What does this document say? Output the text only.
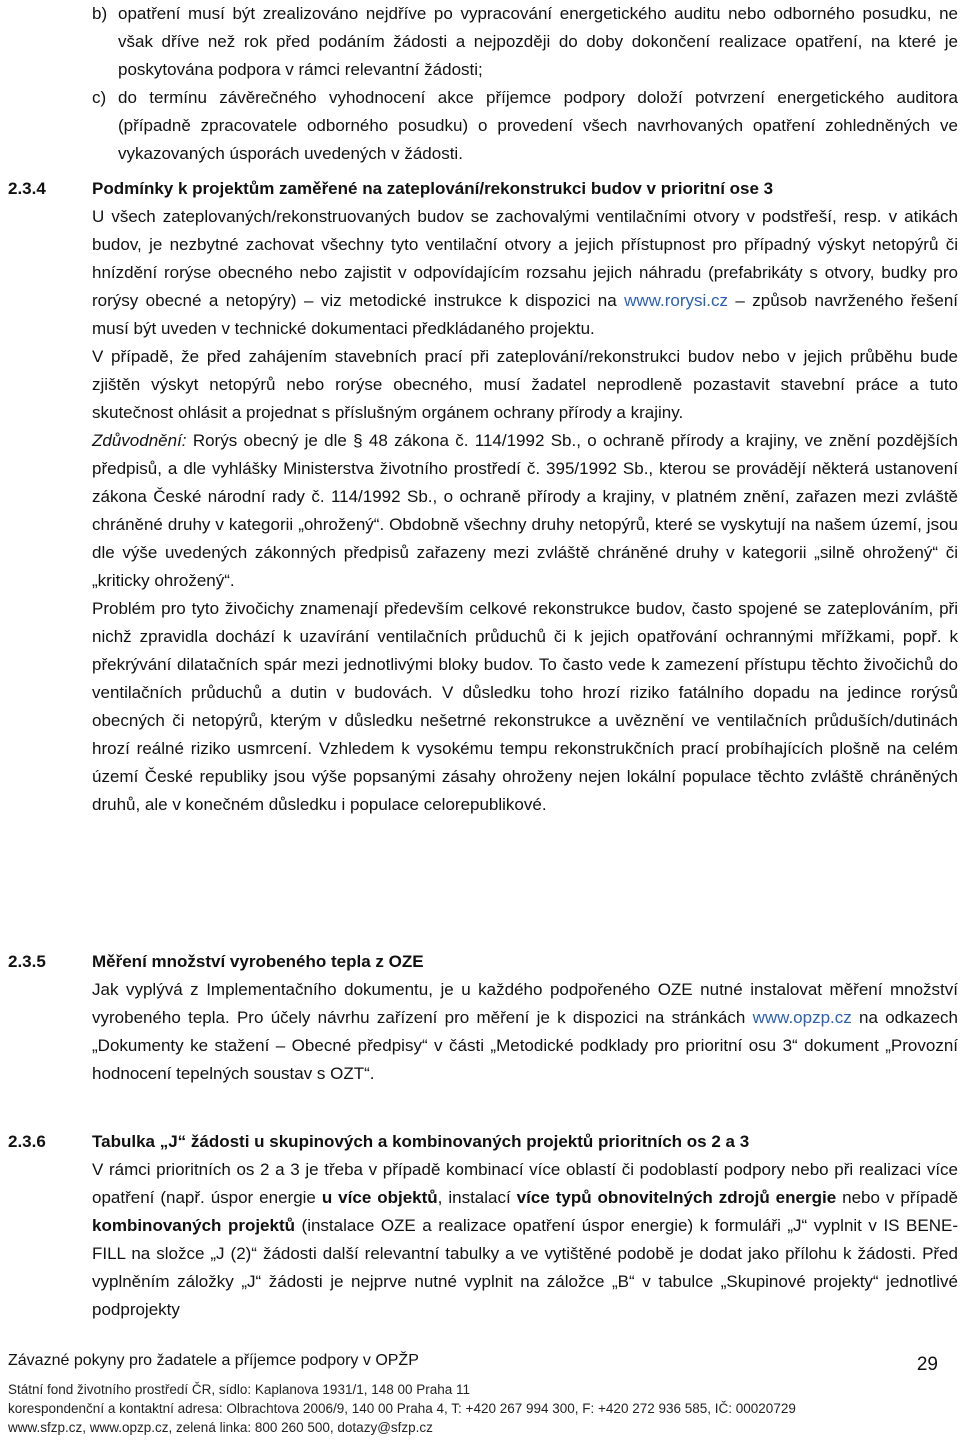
b) opatření musí být zrealizováno nejdříve po vypracování energetického auditu nebo odborného posudku, ne však dříve než rok před podáním žádosti a nejpozději do doby dokončení realizace opatření, na které je poskytována podpora v rámci relevantní žádosti;
c) do termínu závěrečného vyhodnocení akce příjemce podpory doloží potvrzení energetického auditora (případně zpracovatele odborného posudku) o provedení všech navrhovaných opatření zohledněných ve vykazovaných úsporách uvedených v žádosti.
2.3.4	Podmínky k projektům zaměřené na zateplování/rekonstrukci budov v prioritní ose 3

U všech zateplovaných/rekonstruovaných budov se zachovalými ventilačními otvory v podstřeší, resp. v atikách budov, je nezbytné zachovat všechny tyto ventilační otvory a jejich přístupnost pro případný výskyt netopýrů či hnízdění rorýse obecného nebo zajistit v odpovídajícím rozsahu jejich náhradu (prefabrikáty s otvory, budky pro rorýsy obecné a netopýry) – viz metodické instrukce k dispozici na www.rorysi.cz – způsob navrženého řešení musí být uveden v technické dokumentaci předkládaného projektu.

V případě, že před zahájením stavebních prací při zateplování/rekonstrukci budov nebo v jejich průběhu bude zjištěn výskyt netopýrů nebo rorýse obecného, musí žadatel neprodleně pozastavit stavební práce a tuto skutečnost ohlásit a projednat s příslušným orgánem ochrany přírody a krajiny.

Zdůvodnění: Rorýs obecný je dle § 48 zákona č. 114/1992 Sb., o ochraně přírody a krajiny, ve znění pozdějších předpisů, a dle vyhlášky Ministerstva životního prostředí č. 395/1992 Sb., kterou se provádějí některá ustanovení zákona České národní rady č. 114/1992 Sb., o ochraně přírody a krajiny, v platném znění, zařazen mezi zvláště chráněné druhy v kategorii „ohrožený“. Obdobně všechny druhy netopýrů, které se vyskytují na našem území, jsou dle výše uvedených zákonných předpisů zařazeny mezi zvláště chráněné druhy v kategorii „silně ohrožený“ či „kriticky ohrožený“.

Problém pro tyto živočichy znamenají především celkové rekonstrukce budov, často spojené se zateplováním, při nichž zpravidla dochází k uzavírání ventilačních průduchů či k jejich opatřování ochrannými mřížkami, popř. k překrývání dilatačních spár mezi jednotlivými bloky budov. To často vede k zamezení přístupu těchto živočichů do ventilačních průduchů a dutin v budovách. V důsledku toho hrozí riziko fatálního dopadu na jedince rorýsů obecných či netopýrů, kterým v důsledku nešetrné rekonstrukce a uvěznění ve ventilačních průduších/dutinách hrozí reálné riziko usmrcení. Vzhledem k vysokému tempu rekonstrukčních prací probíhajících plošně na celém území České republiky jsou výše popsanými zásahy ohroženy nejen lokální populace těchto zvláště chráněných druhů, ale v konečném důsledku i populace celorepublikové.

2.3.5	Měření množství vyrobeného tepla z OZE

Jak vyplývá z Implementačního dokumentu, je u každého podpořeného OZE nutné instalovat měření množství vyrobeného tepla. Pro účely návrhu zařízení pro měření je k dispozici na stránkách www.opzp.cz na odkazech „Dokumenty ke stažení – Obecné předpisy“ v části „Metodické podklady pro prioritní osu 3“ dokument „Provozní hodnocení tepelných soustav s OZT“.

2.3.6	Tabulka „J“ žádosti u skupinových a kombinovaných projektů prioritních os 2 a 3

V rámci prioritních os 2 a 3 je třeba v případě kombinací více oblastí či podoblastí podpory nebo při realizaci více opatření (např. úspor energie u více objektů, instalací více typů obnovitelných zdrojů energie nebo v případě kombinovaných projektů (instalace OZE a realizace opatření úspor energie) k formuláři „J“ vyplnit v IS BENE-FILL na složce „J (2)“ žádosti další relevantní tabulky a ve vytištěné podobě je dodat jako přílohu k žádosti. Před vyplněním záložky „J“ žádosti je nejprve nutné vyplnit na záložce „B“ v tabulce „Skupinové projekty“ jednotlivé podprojekty

Závazné pokyny pro žadatele a příjemce podpory v OPŽP	29
Státní fond životního prostředí ČR, sídlo: Kaplanova 1931/1, 148 00 Praha 11
korespondenční a kontaktní adresa: Olbrachtova 2006/9, 140 00 Praha 4, T: +420 267 994 300, F: +420 272 936 585, IČ: 00020729
www.sfzp.cz, www.opzp.cz, zelená linka: 800 260 500, dotazy@sfzp.cz
